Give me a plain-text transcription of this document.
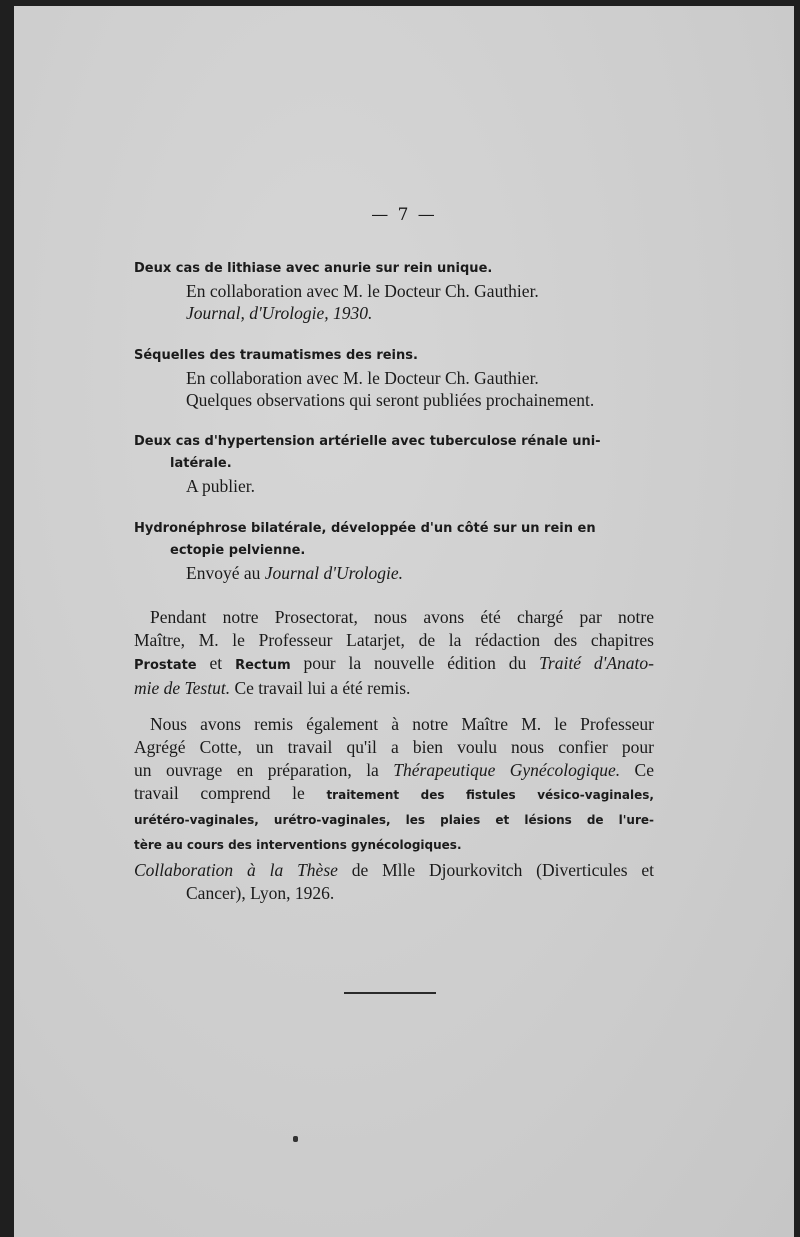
— 7 —

Deux cas de lithiase avec anurie sur rein unique.

En collaboration avec M. le Docteur Ch. Gauthier.

Journal, d'Urologie, 1930.

Séquelles des traumatismes des reins.

En collaboration avec M. le Docteur Ch. Gauthier.

Quelques observations qui seront publiées prochainement.

Deux cas d'hypertension artérielle avec tuberculose rénale uni-
latérale.

A publier.

Hydronéphrose bilatérale, développée d'un côté sur un rein en
ectopie pelvienne.

Envoyé au Journal d'Urologie.

Pendant notre Prosectorat, nous avons été chargé par notre
Maître, M. le Professeur Latarjet, de la rédaction des chapitres
Prostate et Rectum pour la nouvelle édition du Traité d'Anato-
mie de Testut. Ce travail lui a été remis.

Nous avons remis également à notre Maître M. le Professeur
Agrégé Cotte, un travail qu'il a bien voulu nous confier pour
un ouvrage en préparation, la Thérapeutique Gynécologique. Ce
travail comprend le traitement des fistules vésico-vaginales,
urétéro-vaginales, urétro-vaginales, les plaies et lésions de l'ure-
tère au cours des interventions gynécologiques.

Collaboration à la Thèse de Mlle Djourkovitch (Diverticules et
Cancer), Lyon, 1926.
